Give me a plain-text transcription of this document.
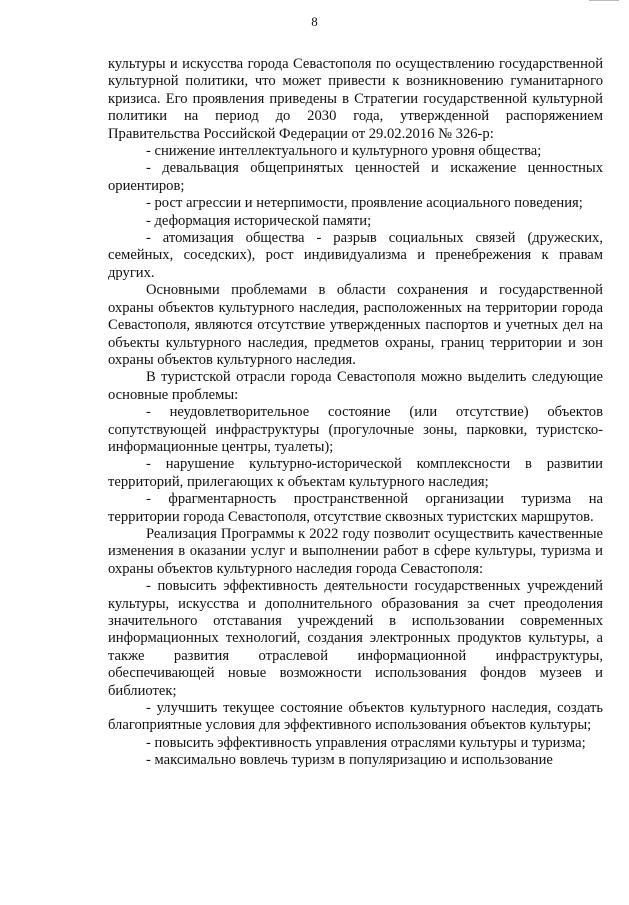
8

культуры и искусства города Севастополя по осуществлению государственной культурной политики, что может привести к возникновению гуманитарного кризиса. Его проявления приведены в Стратегии государственной культурной политики на период до 2030 года, утвержденной распоряжением Правительства Российской Федерации от 29.02.2016 № 326-р:

- снижение интеллектуального и культурного уровня общества;

- девальвация общепринятых ценностей и искажение ценностных ориентиров;

- рост агрессии и нетерпимости, проявление асоциального поведения;

- деформация исторической памяти;

- атомизация общества - разрыв социальных связей (дружеских, семейных, соседских), рост индивидуализма и пренебрежения к правам других.

Основными проблемами в области сохранения и государственной охраны объектов культурного наследия, расположенных на территории города Севастополя, являются отсутствие утвержденных паспортов и учетных дел на объекты культурного наследия, предметов охраны, границ территории и зон охраны объектов культурного наследия.

В туристской отрасли города Севастополя можно выделить следующие основные проблемы:

- неудовлетворительное состояние (или отсутствие) объектов сопутствующей инфраструктуры (прогулочные зоны, парковки, туристско-информационные центры, туалеты);

- нарушение культурно-исторической комплексности в развитии территорий, прилегающих к объектам культурного наследия;

- фрагментарность пространственной организации туризма на территории города Севастополя, отсутствие сквозных туристских маршрутов.

Реализация Программы к 2022 году позволит осуществить качественные изменения в оказании услуг и выполнении работ в сфере культуры, туризма и охраны объектов культурного наследия города Севастополя:

- повысить эффективность деятельности государственных учреждений культуры, искусства и дополнительного образования за счет преодоления значительного отставания учреждений в использовании современных информационных технологий, создания электронных продуктов культуры, а также развития отраслевой информационной инфраструктуры, обеспечивающей новые возможности использования фондов музеев и библиотек;

- улучшить текущее состояние объектов культурного наследия, создать благоприятные условия для эффективного использования объектов культуры;

- повысить эффективность управления отраслями культуры и туризма;

- максимально вовлечь туризм в популяризацию и использование
